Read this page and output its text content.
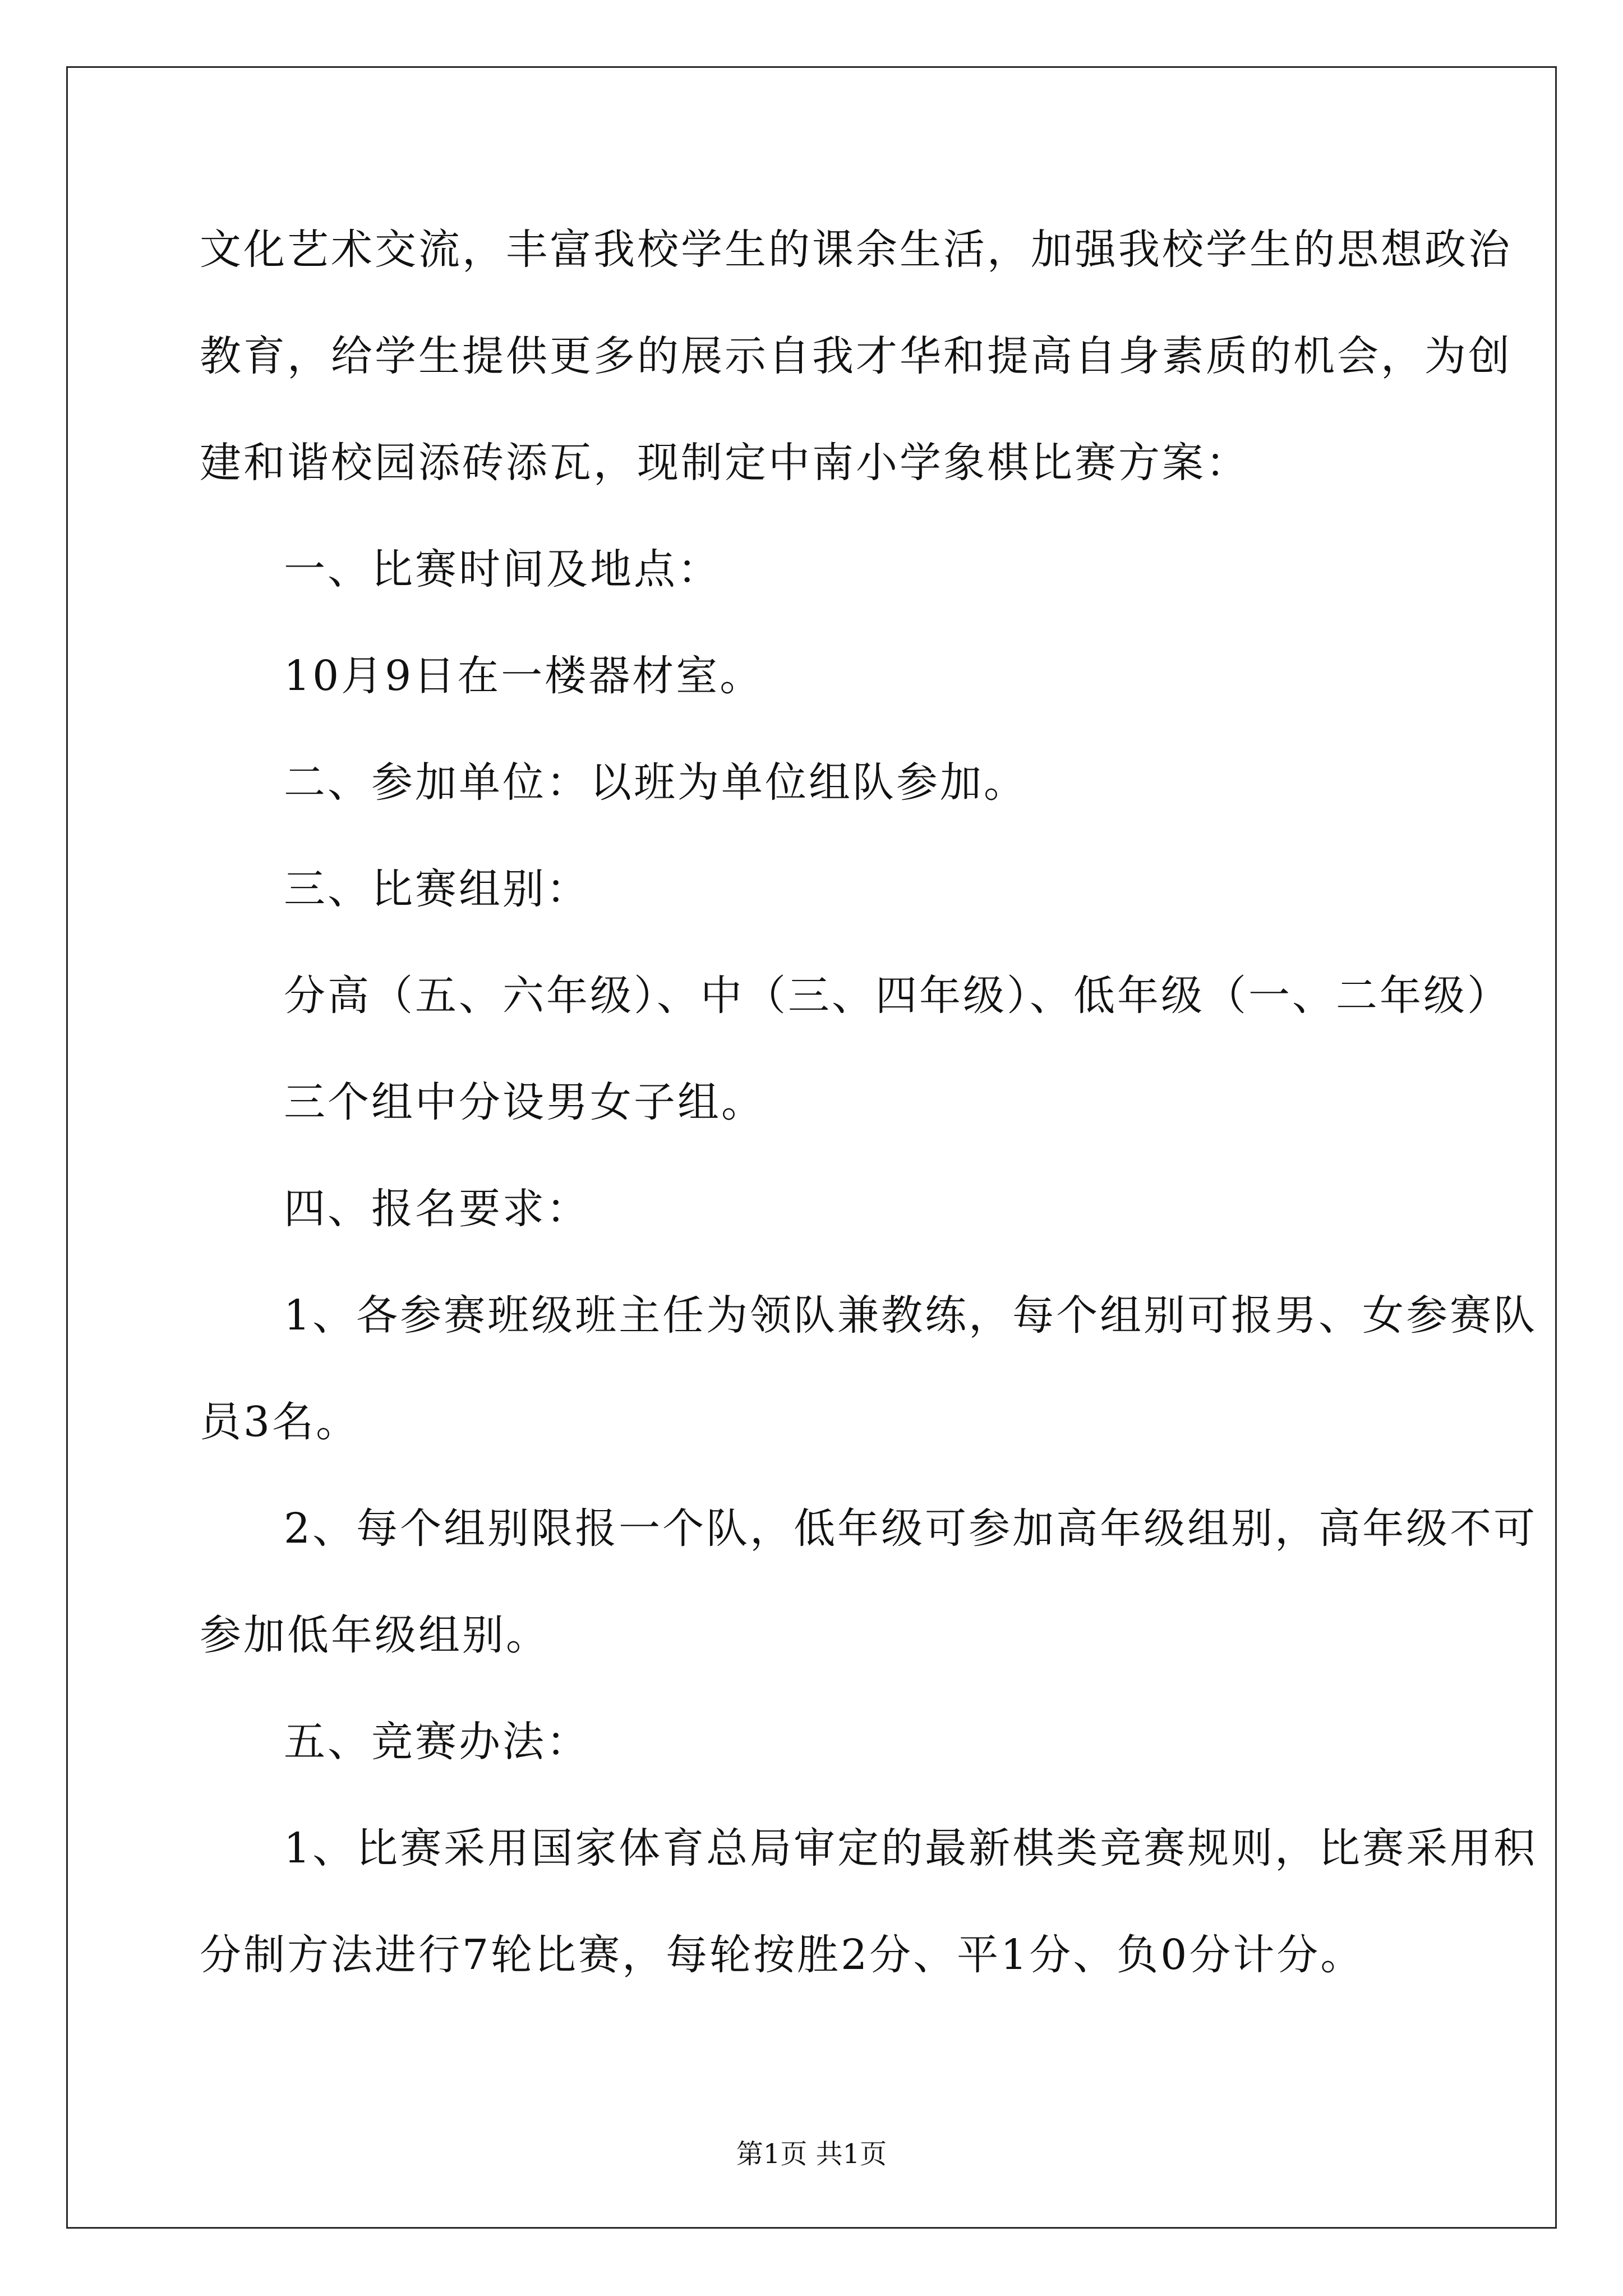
文化艺术交流，丰富我校学生的课余生活，加强我校学生的思想政治
教育，给学生提供更多的展示自我才华和提高自身素质的机会，为创
建和谐校园添砖添瓦，现制定中南小学象棋比赛方案：
一、比赛时间及地点：
10月9日在一楼器材室。
二、参加单位：以班为单位组队参加。
三、比赛组别：
分高（五、六年级）、中（三、四年级）、低年级（一、二年级）
三个组中分设男女子组。
四、报名要求：
1、各参赛班级班主任为领队兼教练，每个组别可报男、女参赛队
员3名。
2、每个组别限报一个队，低年级可参加高年级组别，高年级不可
参加低年级组别。
五、竞赛办法：
1、比赛采用国家体育总局审定的最新棋类竞赛规则，比赛采用积
分制方法进行7轮比赛，每轮按胜2分、平1分、负0分计分。
第1页 共1页
